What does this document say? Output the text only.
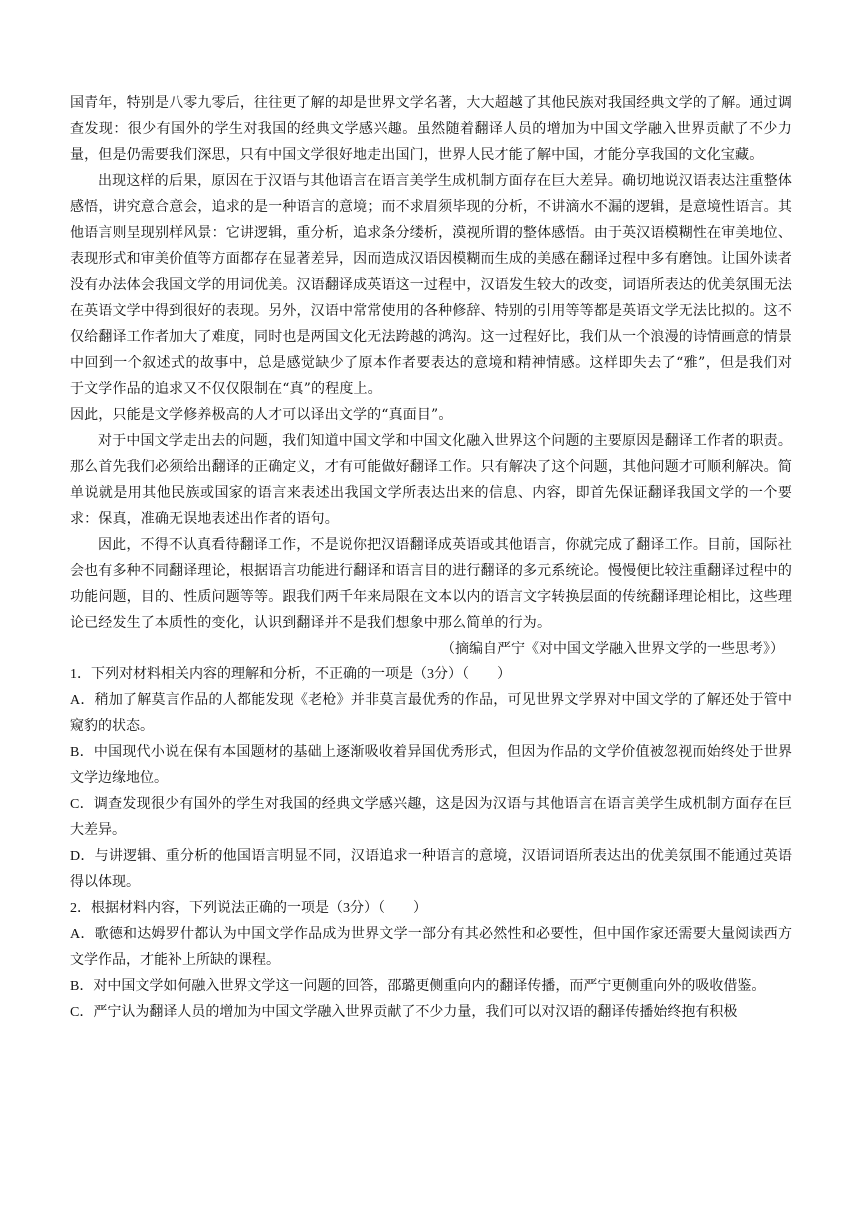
国青年，特别是八零九零后，往往更了解的却是世界文学名著，大大超越了其他民族对我国经典文学的了解。通过调查发现：很少有国外的学生对我国的经典文学感兴趣。虽然随着翻译人员的增加为中国文学融入世界贡献了不少力量，但是仍需要我们深思，只有中国文学很好地走出国门，世界人民才能了解中国，才能分享我国的文化宝藏。

出现这样的后果，原因在于汉语与其他语言在语言美学生成机制方面存在巨大差异。确切地说汉语表达注重整体感悟，讲究意合意会，追求的是一种语言的意境；而不求眉须毕现的分析，不讲滴水不漏的逻辑，是意境性语言。其他语言则呈现别样风景：它讲逻辑，重分析，追求条分缕析，漠视所谓的整体感悟。由于英汉语模糊性在审美地位、表现形式和审美价值等方面都存在显著差异，因而造成汉语因模糊而生成的美感在翻译过程中多有磨蚀。让国外读者没有办法体会我国文学的用词优美。汉语翻译成英语这一过程中，汉语发生较大的改变，词语所表达的优美氛围无法在英语文学中得到很好的表现。另外，汉语中常常使用的各种修辞、特别的引用等等都是英语文学无法比拟的。这不仅给翻译工作者加大了难度，同时也是两国文化无法跨越的鸿沟。这一过程好比，我们从一个浪漫的诗情画意的情景中回到一个叙述式的故事中，总是感觉缺少了原本作者要表达的意境和精神情感。这样即失去了“雅”，但是我们对于文学作品的追求又不仅仅限制在“真”的程度上。

因此，只能是文学修养极高的人才可以译出文学的“真面目”。

对于中国文学走出去的问题，我们知道中国文学和中国文化融入世界这个问题的主要原因是翻译工作者的职责。那么首先我们必须给出翻译的正确定义，才有可能做好翻译工作。只有解决了这个问题，其他问题才可顺利解决。简单说就是用其他民族或国家的语言来表述出我国文学所表达出来的信息、内容，即首先保证翻译我国文学的一个要求：保真，准确无误地表述出作者的语句。

因此，不得不认真看待翻译工作，不是说你把汉语翻译成英语或其他语言，你就完成了翻译工作。目前，国际社会也有多种不同翻译理论，根据语言功能进行翻译和语言目的进行翻译的多元系统论。慢慢便比较注重翻译过程中的功能问题，目的、性质问题等等。跟我们两千年来局限在文本以内的语言文字转换层面的传统翻译理论相比，这些理论已经发生了本质性的变化，认识到翻译并不是我们想象中那么简单的行为。

（摘编自严宁《对中国文学融入世界文学的一些思考》）

1．下列对材料相关内容的理解和分析，不正确的一项是（3分）（　　）

A．稍加了解莫言作品的人都能发现《老枪》并非莫言最优秀的作品，可见世界文学界对中国文学的了解还处于管中窥豹的状态。

B．中国现代小说在保有本国题材的基础上逐渐吸收着异国优秀形式，但因为作品的文学价值被忽视而始终处于世界文学边缘地位。

C．调查发现很少有国外的学生对我国的经典文学感兴趣，这是因为汉语与其他语言在语言美学生成机制方面存在巨大差异。

D．与讲逻辑、重分析的他国语言明显不同，汉语追求一种语言的意境，汉语词语所表达出的优美氛围不能通过英语得以体现。

2．根据材料内容，下列说法正确的一项是（3分）（　　）

A．歌德和达姆罗什都认为中国文学作品成为世界文学一部分有其必然性和必要性，但中国作家还需要大量阅读西方文学作品，才能补上所缺的课程。

B．对中国文学如何融入世界文学这一问题的回答，邵璐更侧重向内的翻译传播，而严宁更侧重向外的吸收借鉴。

C．严宁认为翻译人员的增加为中国文学融入世界贡献了不少力量，我们可以对汉语的翻译传播始终抱有积极
